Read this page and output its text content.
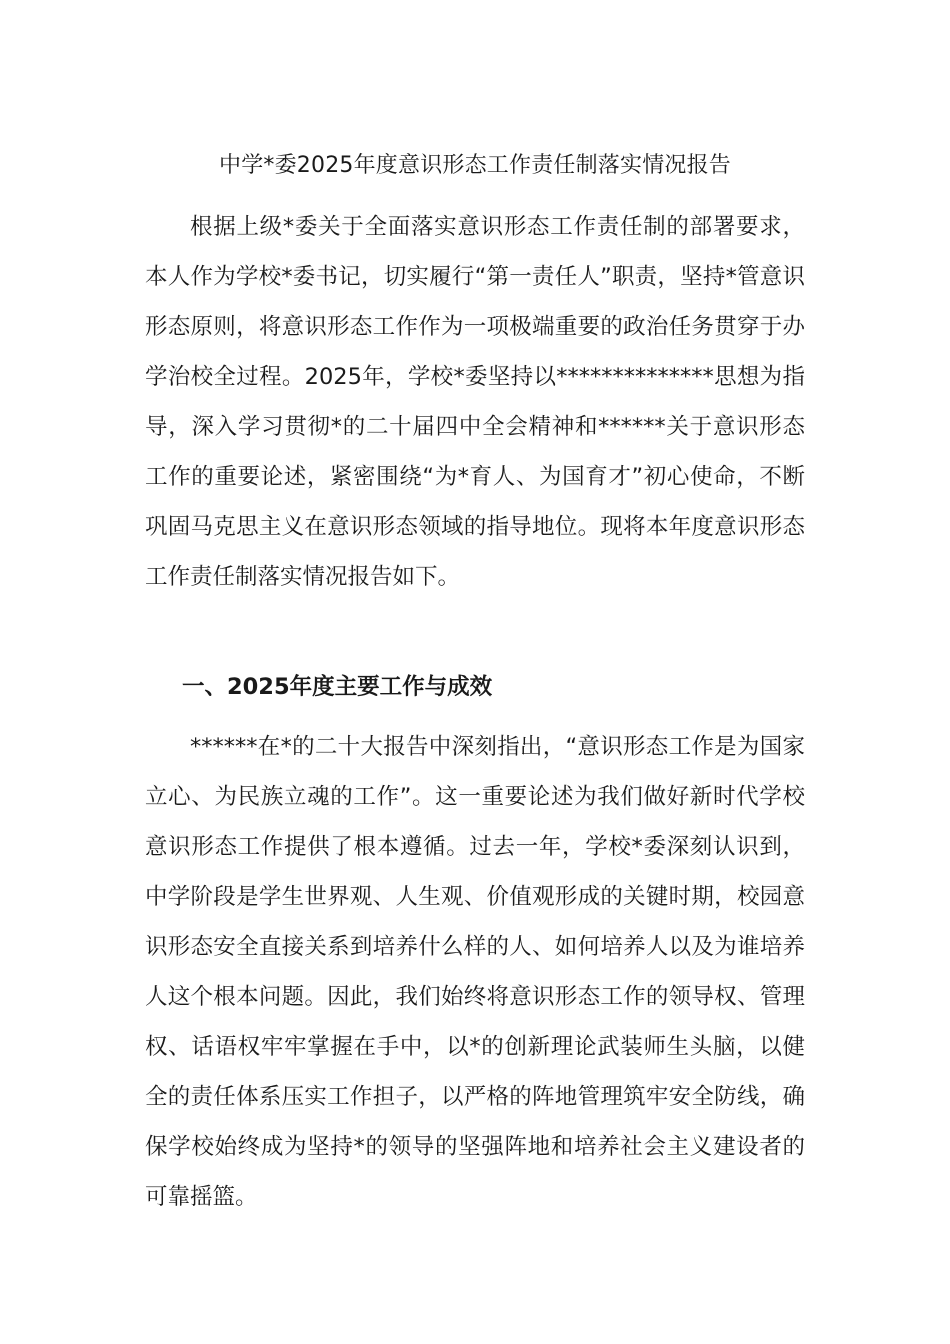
中学*委2025年度意识形态工作责任制落实情况报告

根据上级*委关于全面落实意识形态工作责任制的部署要求，本人作为学校*委书记，切实履行“第一责任人”职责，坚持*管意识形态原则，将意识形态工作作为一项极端重要的政治任务贯穿于办学治校全过程。2025年，学校*委坚持以**************思想为指导，深入学习贯彻*的二十届四中全会精神和******关于意识形态工作的重要论述，紧密围绕“为*育人、为国育才”初心使命，不断巩固马克思主义在意识形态领域的指导地位。现将本年度意识形态工作责任制落实情况报告如下。

一、2025年度主要工作与成效

******在*的二十大报告中深刻指出，“意识形态工作是为国家立心、为民族立魂的工作”。这一重要论述为我们做好新时代学校意识形态工作提供了根本遵循。过去一年，学校*委深刻认识到，中学阶段是学生世界观、人生观、价值观形成的关键时期，校园意识形态安全直接关系到培养什么样的人、如何培养人以及为谁培养人这个根本问题。因此，我们始终将意识形态工作的领导权、管理权、话语权牢牢掌握在手中，以*的创新理论武装师生头脑，以健全的责任体系压实工作担子，以严格的阵地管理筑牢安全防线，确保学校始终成为坚持*的领导的坚强阵地和培养社会主义建设者的可靠摇篮。
